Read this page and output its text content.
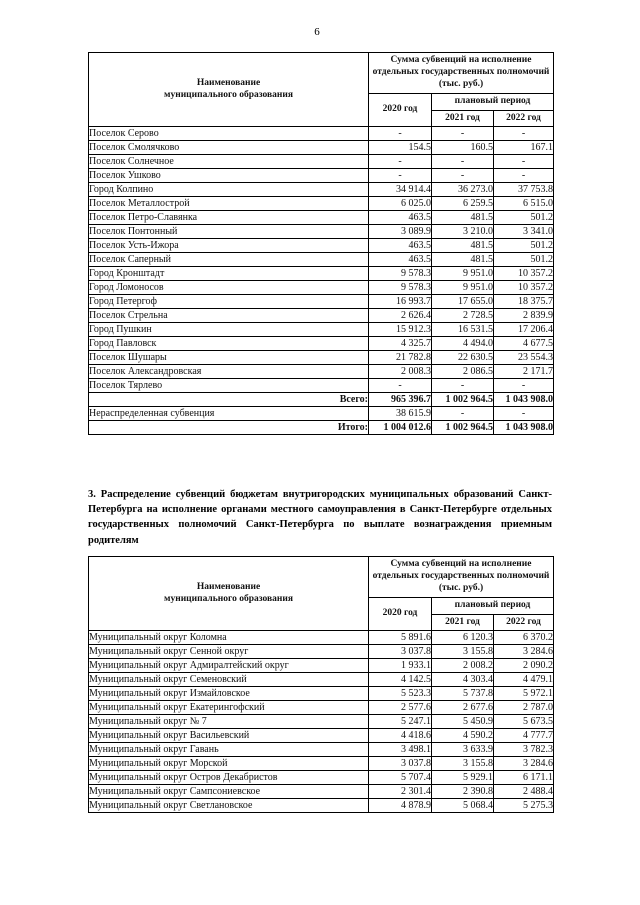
6
Наименование
муниципального образования

Сумма субвенций на исполнение
отдельных государственных полномочий
(тыс. руб.)

	2020 год	плановый период	
		2021 год	2022 год
Поселок Серово	-	-	-
Поселок Смолячково	154.5	160.5	167.1
Поселок Солнечное	-	-	-
Поселок Ушково	-	-	-
Город Колпино	34 914.4	36 273.0	37 753.8
Поселок Металлострой	6 025.0	6 259.5	6 515.0
Поселок Петро-Славянка	463.5	481.5	501.2
Поселок Понтонный	3 089.9	3 210.0	3 341.0
Поселок Усть-Ижора	463.5	481.5	501.2
Поселок Саперный	463.5	481.5	501.2
Город Кронштадт	9 578.3	9 951.0	10 357.2
Город Ломоносов	9 578.3	9 951.0	10 357.2
Город Петергоф	16 993.7	17 655.0	18 375.7
Поселок Стрельна	2 626.4	2 728.5	2 839.9
Город Пушкин	15 912.3	16 531.5	17 206.4
Город Павловск	4 325.7	4 494.0	4 677.5
Поселок Шушары	21 782.8	22 630.5	23 554.3
Поселок Александровская	2 008.3	2 086.5	2 171.7
Поселок Тярлево	-	-	-
Всего:	965 396.7	1 002 964.5	1 043 908.0
Нераспределенная субвенция	38 615.9	-	-
Итого:	1 004 012.6	1 002 964.5	1 043 908.0

3. Распределение субвенций бюджетам внутригородских муниципальных образований Санкт-Петербурга на исполнение органами местного самоуправления в Санкт-Петербурге отдельных государственных полномочий Санкт-Петербурга по выплате вознаграждения приемным родителям

Наименование
муниципального образования

Сумма субвенций на исполнение
отдельных государственных полномочий
(тыс. руб.)

	2020 год	плановый период	
		2021 год	2022 год
Муниципальный округ Коломна	5 891.6	6 120.3	6 370.2
Муниципальный округ Сенной округ	3 037.8	3 155.8	3 284.6
Муниципальный округ Адмиралтейский округ	1 933.1	2 008.2	2 090.2
Муниципальный округ Семеновский	4 142.5	4 303.4	4 479.1
Муниципальный округ Измайловское	5 523.3	5 737.8	5 972.1
Муниципальный округ Екатерингофский	2 577.6	2 677.6	2 787.0
Муниципальный округ № 7	5 247.1	5 450.9	5 673.5
Муниципальный округ Васильевский	4 418.6	4 590.2	4 777.7
Муниципальный округ Гавань	3 498.1	3 633.9	3 782.3
Муниципальный округ Морской	3 037.8	3 155.8	3 284.6
Муниципальный округ Остров Декабристов	5 707.4	5 929.1	6 171.1
Муниципальный округ Сампсониевское	2 301.4	2 390.8	2 488.4
Муниципальный округ Светлановское	4 878.9	5 068.4	5 275.3
